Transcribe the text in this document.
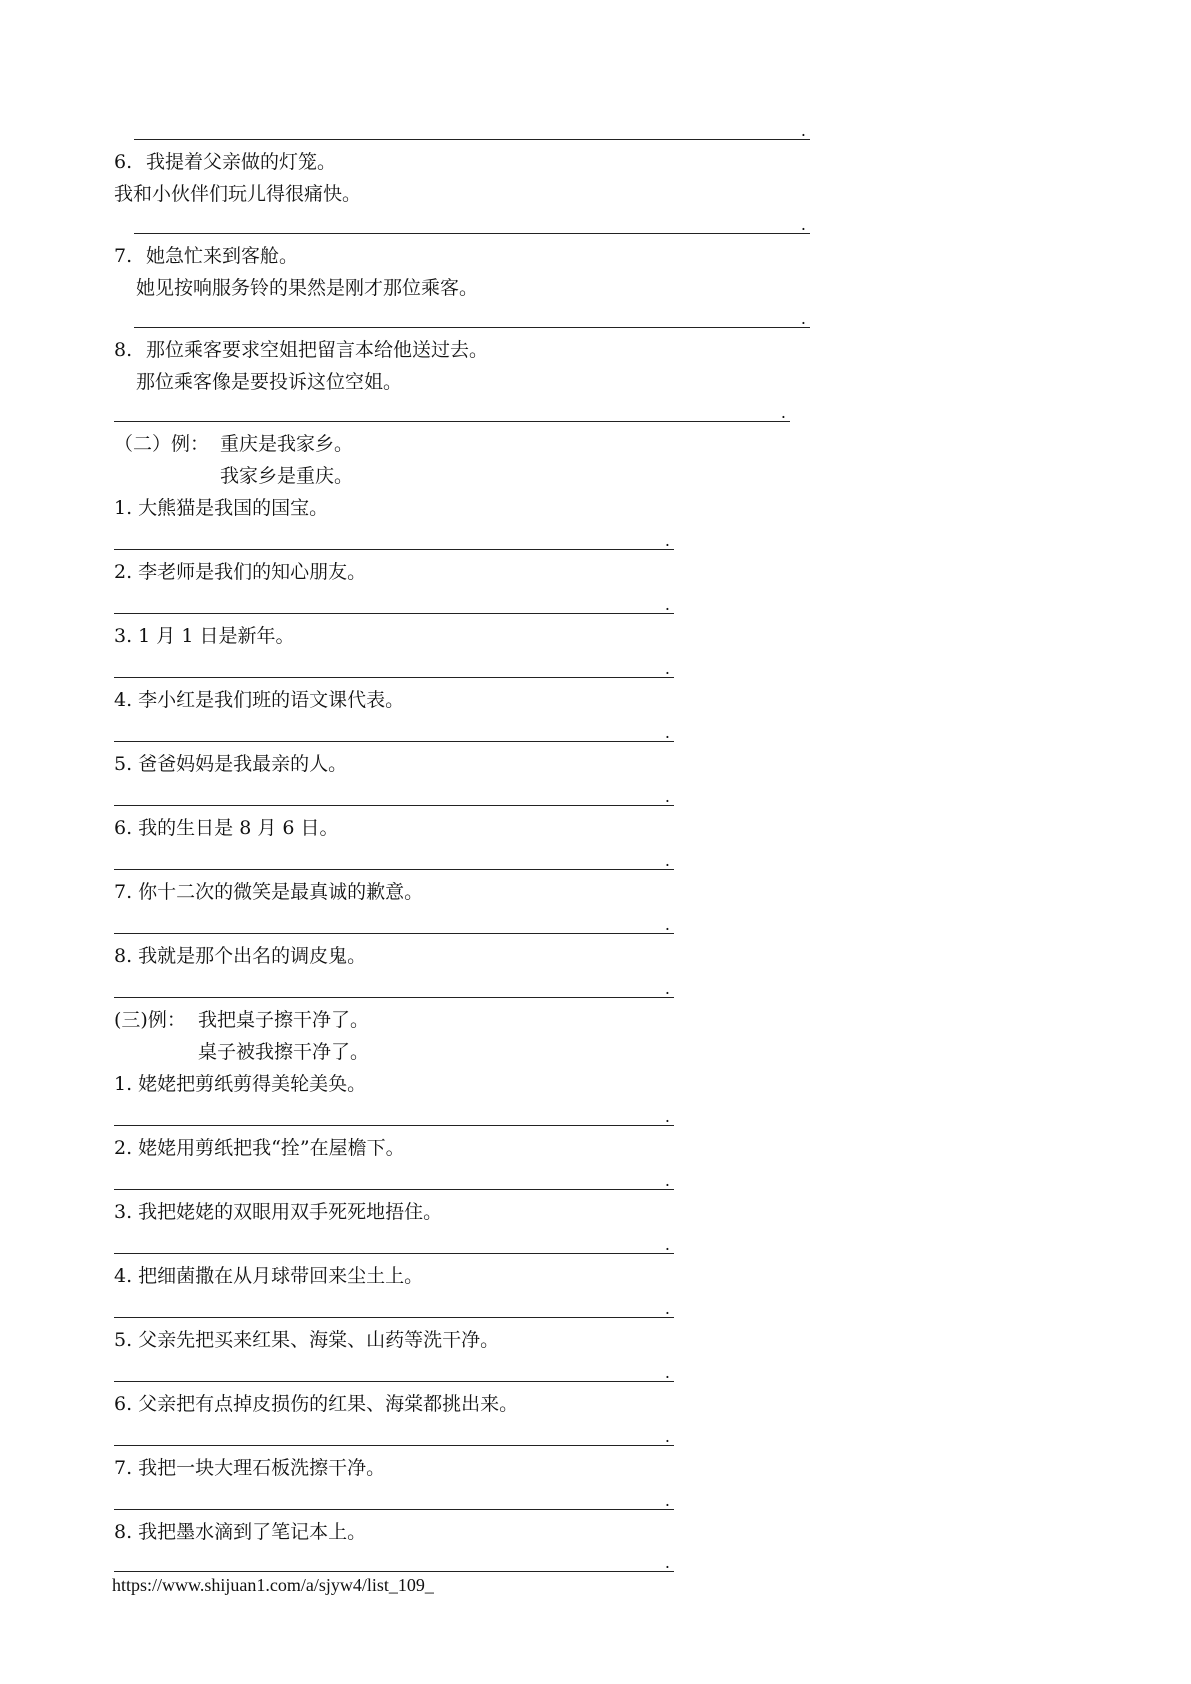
.
6. 我提着父亲做的灯笼。
我和小伙伴们玩儿得很痛快。
.
7. 她急忙来到客舱。
她见按响服务铃的果然是刚才那位乘客。
.
8. 那位乘客要求空姐把留言本给他送过去。
那位乘客像是要投诉这位空姐。
.
（二）例： 重庆是我家乡。
我家乡是重庆。
1. 大熊猫是我国的国宝。
.
2. 李老师是我们的知心朋友。
.
3. 1 月 1 日是新年。
.
4. 李小红是我们班的语文课代表。
.
5. 爸爸妈妈是我最亲的人。
.
6. 我的生日是 8 月 6 日。
.
7. 你十二次的微笑是最真诚的歉意。
.
8. 我就是那个出名的调皮鬼。
.
(三)例： 我把桌子擦干净了。
桌子被我擦干净了。
1. 姥姥把剪纸剪得美轮美奂。
.
2. 姥姥用剪纸把我“拴”在屋檐下。
.
3. 我把姥姥的双眼用双手死死地捂住。
.
4. 把细菌撒在从月球带回来尘土上。
.
5. 父亲先把买来红果、海棠、山药等洗干净。
.
6. 父亲把有点掉皮损伤的红果、海棠都挑出来。
.
7. 我把一块大理石板洗擦干净。
.
8. 我把墨水滴到了笔记本上。
.
https://www.shijuan1.com/a/sjyw4/list_109_
